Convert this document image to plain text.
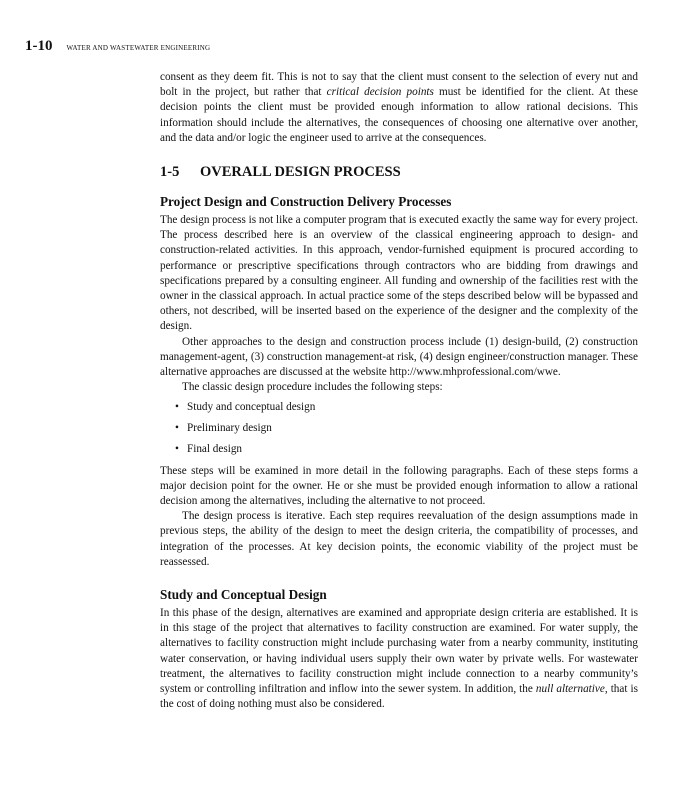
1-10 WATER AND WASTEWATER ENGINEERING

consent as they deem fit. This is not to say that the client must consent to the selection of every nut and bolt in the project, but rather that critical decision points must be identified for the client. At these decision points the client must be provided enough information to allow rational decisions. This information should include the alternatives, the consequences of choosing one alternative over another, and the data and/or logic the engineer used to arrive at the consequences.

1-5 OVERALL DESIGN PROCESS
Project Design and Construction Delivery Processes

The design process is not like a computer program that is executed exactly the same way for every project. The process described here is an overview of the classical engineering approach to design- and construction-related activities. In this approach, vendor-furnished equipment is procured according to performance or prescriptive specifications through contractors who are bidding from drawings and specifications prepared by a consulting engineer. All funding and ownership of the facilities rest with the owner in the classical approach. In actual practice some of the steps described below will be bypassed and others, not described, will be inserted based on the experience of the designer and the complexity of the design.

Other approaches to the design and construction process include (1) design-build, (2) construction management-agent, (3) construction management-at risk, (4) design engineer/construction manager. These alternative approaches are discussed at the website http://www.mhprofessional.com/wwe.

The classic design procedure includes the following steps:

• Study and conceptual design
• Preliminary design
• Final design

These steps will be examined in more detail in the following paragraphs. Each of these steps forms a major decision point for the owner. He or she must be provided enough information to allow a rational decision among the alternatives, including the alternative to not proceed.

The design process is iterative. Each step requires reevaluation of the design assumptions made in previous steps, the ability of the design to meet the design criteria, the compatibility of processes, and integration of the processes. At key decision points, the economic viability of the project must be reassessed.

Study and Conceptual Design

In this phase of the design, alternatives are examined and appropriate design criteria are established. It is in this stage of the project that alternatives to facility construction are examined. For water supply, the alternatives to facility construction might include purchasing water from a nearby community, instituting water conservation, or having individual users supply their own water by private wells. For wastewater treatment, the alternatives to facility construction might include connection to a nearby community’s system or controlling infiltration and inflow into the sewer system. In addition, the null alternative, that is the cost of doing nothing must also be considered.
